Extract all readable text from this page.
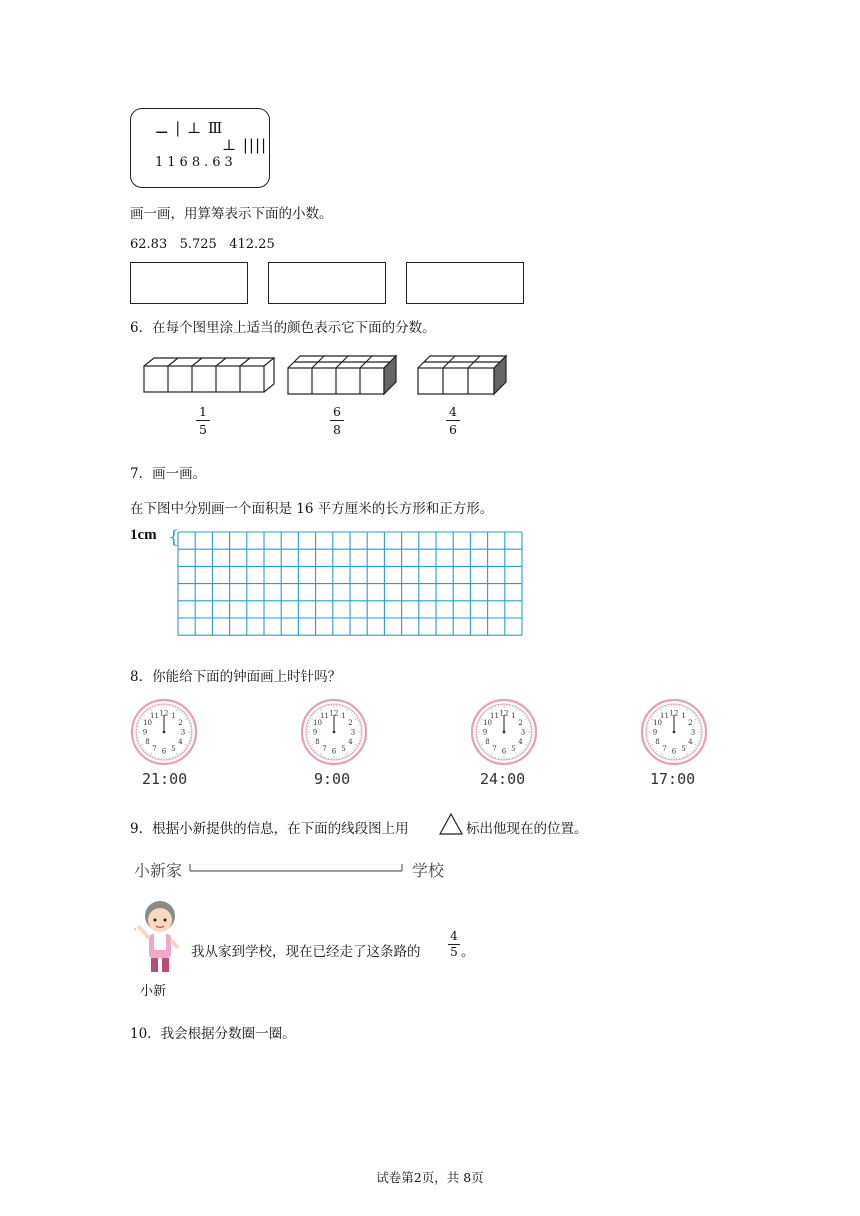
⚊ | ⊥ Ⅲ
⊥ ||||
1168.63
画一画，用算筹表示下面的小数。
62.83   5.725   412.25
6．在每个图里涂上适当的颜色表示它下面的分数。
1
5
6
8
4
6
7．画一画。
在下图中分别画一个面积是 16 平方厘米的长方形和正方形。
1cm {
8．你能给下面的钟面画上时针吗？
1
2
3
4
5
6
7
8
9
10
11 12	1
2
3
4
5
6
7
8
9
10
11 12	1
2
3
4
5
6
7
8
9
10
11 12	1
2
3
4
5
6
7
8
9
10
11 12
21:00	9:00	24:00	17:00
9．根据小新提供的信息，在下面的线段图上用	标出他现在的位置。
小新家	学校
'
小新
我从家到学校，现在已经走了这条路的
4
5 。
10．我会根据分数圈一圈。
试卷第2页，共 8页
